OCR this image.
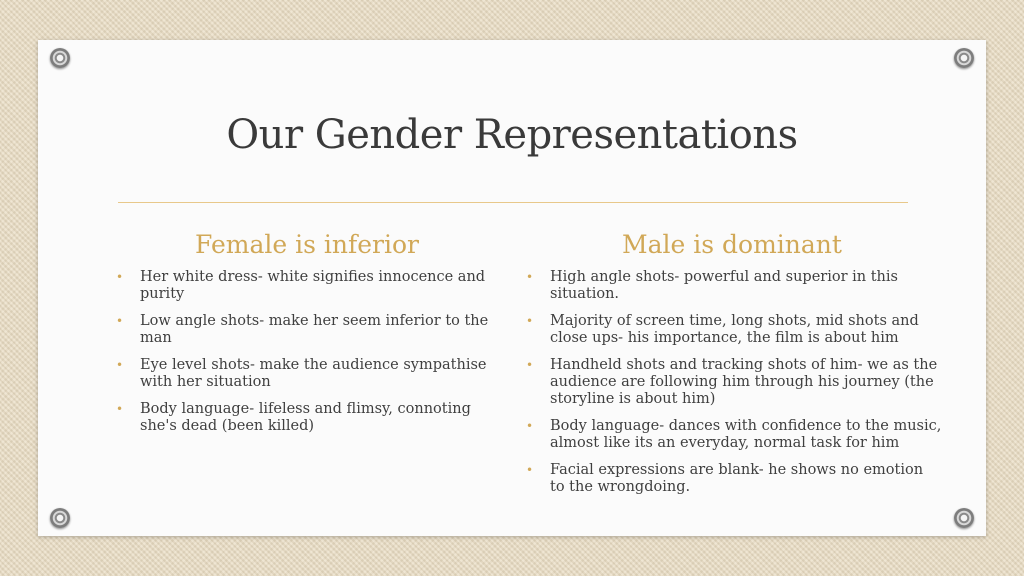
Our Gender Representations
Female is inferior
• Her white dress- white signifies innocence and purity
• Low angle shots- make her seem inferior to the man
• Eye level shots- make the audience sympathise with her situation
• Body language- lifeless and flimsy, connoting she's dead (been killed)
Male is dominant
• High angle shots- powerful and superior in this situation.
• Majority of screen time, long shots, mid shots and close ups- his importance, the film is about him
• Handheld shots and tracking shots of him- we as the audience are following him through his journey (the storyline is about him)
• Body language- dances with confidence to the music, almost like its an everyday, normal task for him
• Facial expressions are blank- he shows no emotion to the wrongdoing.
